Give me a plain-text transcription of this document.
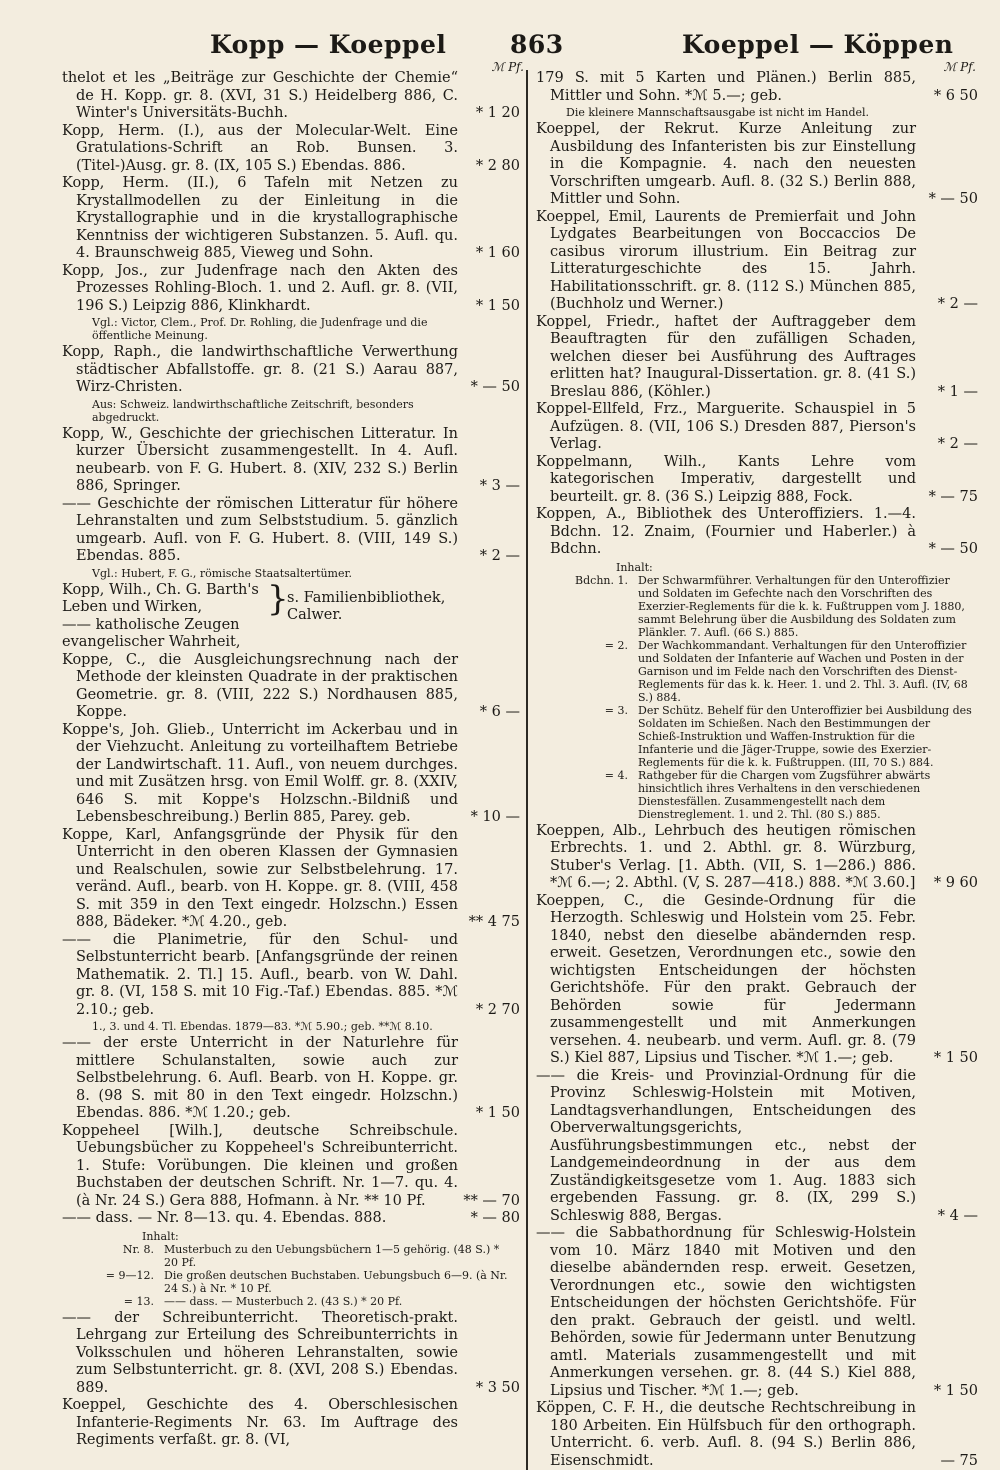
Kopp — Koeppel	863	Koeppel — Köppen
ℳ Pf.
thelot et les „Beiträge zur Geschichte der Chemie“ de H. Kopp. gr. 8. (XVI, 31 S.) Heidelberg 886, C. Winter's Universitäts-Buchh.	* 1 20
Kopp, Herm. (I.), aus der Molecular-Welt. Eine Gratulations-Schrift an Rob. Bunsen. 3. (Titel-)Ausg. gr. 8. (IX, 105 S.) Ebendas. 886.	* 2 80
Kopp, Herm. (II.), 6 Tafeln mit Netzen zu Krystallmodellen zu der Einleitung in die Krystallographie und in die krystallographische Kenntniss der wichtigeren Substanzen. 5. Aufl. qu. 4. Braunschweig 885, Vieweg und Sohn.	* 1 60
Kopp, Jos., zur Judenfrage nach den Akten des Prozesses Rohling-Bloch. 1. und 2. Aufl. gr. 8. (VII, 196 S.) Leipzig 886, Klinkhardt.	* 1 50
Vgl.: Victor, Clem., Prof. Dr. Rohling, die Judenfrage und die öffentliche Meinung.
Kopp, Raph., die landwirthschaftliche Verwerthung städtischer Abfallstoffe. gr. 8. (21 S.) Aarau 887, Wirz-Christen.	* — 50
Aus: Schweiz. landwirthschaftliche Zeitschrift, besonders abgedruckt.
Kopp, W., Geschichte der griechischen Litteratur. In kurzer Übersicht zusammengestellt. In 4. Aufl. neubearb. von F. G. Hubert. 8. (XIV, 232 S.) Berlin 886, Springer.	* 3 —
—— Geschichte der römischen Litteratur für höhere Lehranstalten und zum Selbststudium. 5. gänzlich umgearb. Aufl. von F. G. Hubert. 8. (VIII, 149 S.) Ebendas. 885.	* 2 —
Vgl.: Hubert, F. G., römische Staatsaltertümer.
Kopp, Wilh., Ch. G. Barth's Leben und Wirken,
—— katholische Zeugen evangelischer Wahrheit,
}
s. Familienbibliothek, Calwer.
Koppe, C., die Ausgleichungsrechnung nach der Methode der kleinsten Quadrate in der praktischen Geometrie. gr. 8. (VIII, 222 S.) Nordhausen 885, Koppe.	* 6 —
Koppe's, Joh. Glieb., Unterricht im Ackerbau und in der Viehzucht. Anleitung zu vorteilhaftem Betriebe der Landwirtschaft. 11. Aufl., von neuem durchges. und mit Zusätzen hrsg. von Emil Wolff. gr. 8. (XXIV, 646 S. mit Koppe's Holzschn.-Bildniß und Lebensbeschreibung.) Berlin 885, Parey. geb.	* 10 —
Koppe, Karl, Anfangsgründe der Physik für den Unterricht in den oberen Klassen der Gymnasien und Realschulen, sowie zur Selbstbelehrung. 17. veränd. Aufl., bearb. von H. Koppe. gr. 8. (VIII, 458 S. mit 359 in den Text eingedr. Holzschn.) Essen 888, Bädeker. *ℳ 4.20., geb.	** 4 75
—— die Planimetrie, für den Schul- und Selbstunterricht bearb. [Anfangsgründe der reinen Mathematik. 2. Tl.] 15. Aufl., bearb. von W. Dahl. gr. 8. (VI, 158 S. mit 10 Fig.-Taf.) Ebendas. 885. *ℳ 2.10.; geb.	* 2 70
1., 3. und 4. Tl. Ebendas. 1879—83. *ℳ 5.90.; geb. **ℳ 8.10.
—— der erste Unterricht in der Naturlehre für mittlere Schulanstalten, sowie auch zur Selbstbelehrung. 6. Aufl. Bearb. von H. Koppe. gr. 8. (98 S. mit 80 in den Text eingedr. Holzschn.) Ebendas. 886. *ℳ 1.20.; geb.	* 1 50
Koppeheel [Wilh.], deutsche Schreibschule. Uebungsbücher zu Koppeheel's Schreibunterricht. 1. Stufe: Vorübungen. Die kleinen und großen Buchstaben der deutschen Schrift. Nr. 1—7. qu. 4. (à Nr. 24 S.) Gera 888, Hofmann. à Nr. ** 10 Pf.	** — 70
—— dass. — Nr. 8—13. qu. 4. Ebendas. 888.	* — 80
Inhalt:
Nr. 8. Musterbuch zu den Uebungsbüchern 1—5 gehörig. (48 S.) * 20 Pf.
= 9—12. Die großen deutschen Buchstaben. Uebungsbuch 6—9. (à Nr. 24 S.) à Nr. * 10 Pf.
= 13. —— dass. — Musterbuch 2. (43 S.) * 20 Pf.
—— der Schreibunterricht. Theoretisch-prakt. Lehrgang zur Erteilung des Schreibunterrichts in Volksschulen und höheren Lehranstalten, sowie zum Selbstunterricht. gr. 8. (XVI, 208 S.) Ebendas. 889.	* 3 50
Koeppel, Geschichte des 4. Oberschlesischen Infanterie-Regiments Nr. 63. Im Auftrage des Regiments verfaßt. gr. 8. (VI,
ℳ Pf.
179 S. mit 5 Karten und Plänen.) Berlin 885, Mittler und Sohn. *ℳ 5.—; geb.	* 6 50
Die kleinere Mannschaftsausgabe ist nicht im Handel.
Koeppel, der Rekrut. Kurze Anleitung zur Ausbildung des Infanteristen bis zur Einstellung in die Kompagnie. 4. nach den neuesten Vorschriften umgearb. Aufl. 8. (32 S.) Berlin 888, Mittler und Sohn.	* — 50
Koeppel, Emil, Laurents de Premierfait und John Lydgates Bearbeitungen von Boccaccios De casibus virorum illustrium. Ein Beitrag zur Litteraturgeschichte des 15. Jahrh. Habilitationsschrift. gr. 8. (112 S.) München 885, (Buchholz und Werner.)	* 2 —
Koppel, Friedr., haftet der Auftraggeber dem Beauftragten für den zufälligen Schaden, welchen dieser bei Ausführung des Auftrages erlitten hat? Inaugural-Dissertation. gr. 8. (41 S.) Breslau 886, (Köhler.)	* 1 —
Koppel-Ellfeld, Frz., Marguerite. Schauspiel in 5 Aufzügen. 8. (VII, 106 S.) Dresden 887, Pierson's Verlag.	* 2 —
Koppelmann, Wilh., Kants Lehre vom kategorischen Imperativ, dargestellt und beurteilt. gr. 8. (36 S.) Leipzig 888, Fock.	* — 75
Koppen, A., Bibliothek des Unteroffiziers. 1.—4. Bdchn. 12. Znaim, (Fournier und Haberler.) à Bdchn.	* — 50
Inhalt:
Bdchn. 1. Der Schwarmführer. Verhaltungen für den Unteroffizier und Soldaten im Gefechte nach den Vorschriften des Exerzier-Reglements für die k. k. Fußtruppen vom J. 1880, sammt Belehrung über die Ausbildung des Soldaten zum Plänkler. 7. Aufl. (66 S.) 885.
= 2. Der Wachkommandant. Verhaltungen für den Unteroffizier und Soldaten der Infanterie auf Wachen und Posten in der Garnison und im Felde nach den Vorschriften des Dienst-Reglements für das k. k. Heer. 1. und 2. Thl. 3. Aufl. (IV, 68 S.) 884.
= 3. Der Schütz. Behelf für den Unteroffizier bei Ausbildung des Soldaten im Schießen. Nach den Bestimmungen der Schieß-Instruktion und Waffen-Instruktion für die Infanterie und die Jäger-Truppe, sowie des Exerzier-Reglements für die k. k. Fußtruppen. (III, 70 S.) 884.
= 4. Rathgeber für die Chargen vom Zugsführer abwärts hinsichtlich ihres Verhaltens in den verschiedenen Dienstesfällen. Zusammengestellt nach dem Dienstreglement. 1. und 2. Thl. (80 S.) 885.
Koeppen, Alb., Lehrbuch des heutigen römischen Erbrechts. 1. und 2. Abthl. gr. 8. Würzburg, Stuber's Verlag. [1. Abth. (VII, S. 1—286.) 886. *ℳ 6.—; 2. Abthl. (V, S. 287—418.) 888. *ℳ 3.60.] * 9 60
Koeppen, C., die Gesinde-Ordnung für die Herzogth. Schleswig und Holstein vom 25. Febr. 1840, nebst den dieselbe abändernden resp. erweit. Gesetzen, Verordnungen etc., sowie den wichtigsten Entscheidungen der höchsten Gerichtshöfe. Für den prakt. Gebrauch der Behörden sowie für Jedermann zusammengestellt und mit Anmerkungen versehen. 4. neubearb. und verm. Aufl. gr. 8. (79 S.) Kiel 887, Lipsius und Tischer. *ℳ 1.—; geb.	* 1 50
—— die Kreis- und Provinzial-Ordnung für die Provinz Schleswig-Holstein mit Motiven, Landtagsverhandlungen, Entscheidungen des Oberverwaltungsgerichts, Ausführungsbestimmungen etc., nebst der Landgemeindeordnung in der aus dem Zuständigkeitsgesetze vom 1. Aug. 1883 sich ergebenden Fassung. gr. 8. (IX, 299 S.) Schleswig 888, Bergas.	* 4 —
—— die Sabbathordnung für Schleswig-Holstein vom 10. März 1840 mit Motiven und den dieselbe abändernden resp. erweit. Gesetzen, Verordnungen etc., sowie den wichtigsten Entscheidungen der höchsten Gerichtshöfe. Für den prakt. Gebrauch der geistl. und weltl. Behörden, sowie für Jedermann unter Benutzung amtl. Materials zusammengestellt und mit Anmerkungen versehen. gr. 8. (44 S.) Kiel 888, Lipsius und Tischer. *ℳ 1.—; geb.	* 1 50
Köppen, C. F. H., die deutsche Rechtschreibung in 180 Arbeiten. Ein Hülfsbuch für den orthograph. Unterricht. 6. verb. Aufl. 8. (94 S.) Berlin 886, Eisenschmidt.	— 75
